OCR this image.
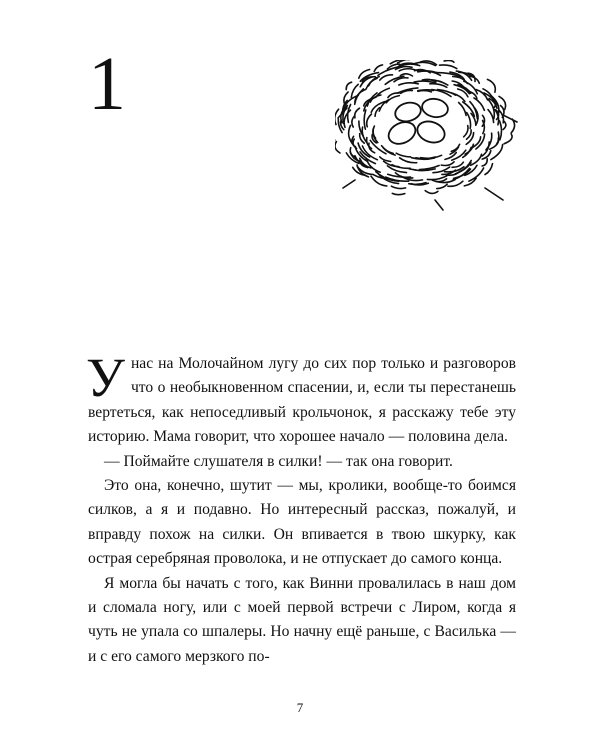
1

У нас на Молочайном лугу до сих пор только и разговоров что о необыкновенном спасении, и, если ты перестанешь вертеться, как непоседливый крольчонок, я расскажу тебе эту историю. Мама говорит, что хорошее начало — половина дела.

— Поймайте слушателя в силки! — так она говорит.

Это она, конечно, шутит — мы, кролики, вообще-то боимся силков, а я и подавно. Но интересный рассказ, пожалуй, и вправду похож на силки. Он впивается в твою шкурку, как острая серебряная проволока, и не отпускает до самого конца.

Я могла бы начать с того, как Винни провалилась в наш дом и сломала ногу, или с моей первой встречи с Лиром, когда я чуть не упала со шпалеры. Но начну ещё раньше, с Василька — и с его самого мерзкого по-

7
